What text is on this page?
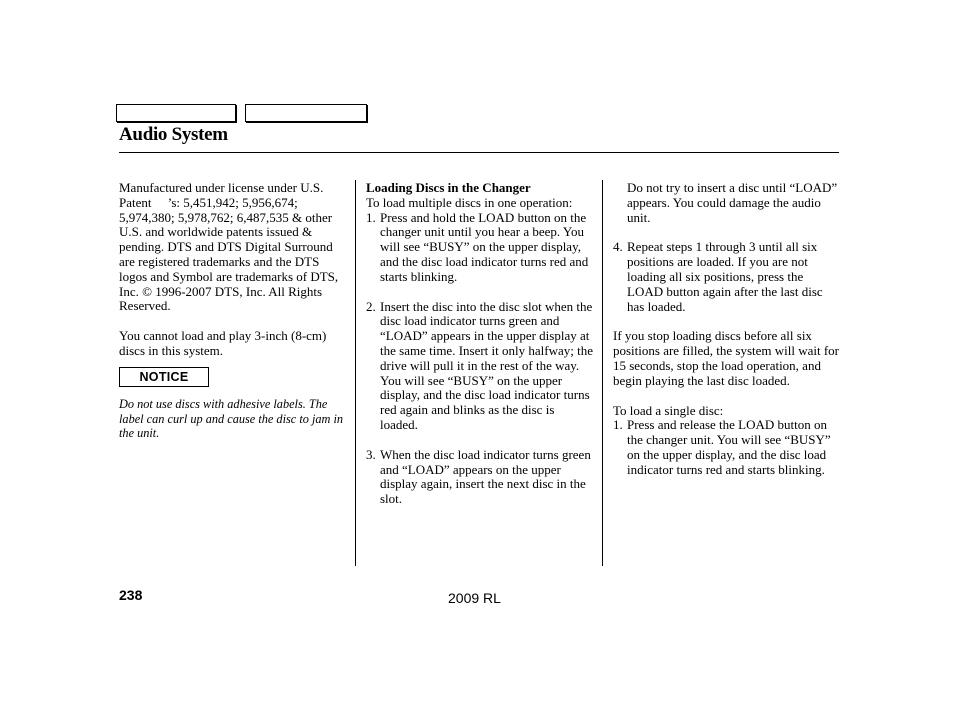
Audio System

Manufactured under license under U.S. Patent     ’s: 5,451,942; 5,956,674; 5,974,380; 5,978,762; 6,487,535 & other U.S. and worldwide patents issued & pending. DTS and DTS Digital Surround are registered trademarks and the DTS logos and Symbol are trademarks of DTS, Inc. © 1996-2007 DTS, Inc. All Rights Reserved.

You cannot load and play 3-inch (8-cm) discs in this system.

NOTICE

Do not use discs with adhesive labels. The label can curl up and cause the disc to jam in the unit.

Loading Discs in the Changer

To load multiple discs in one operation:

1. Press and hold the LOAD button on the changer unit until you hear a beep. You will see “BUSY” on the upper display, and the disc load indicator turns red and starts blinking.
2. Insert the disc into the disc slot when the disc load indicator turns green and “LOAD” appears in the upper display at the same time. Insert it only halfway; the drive will pull it in the rest of the way. You will see “BUSY” on the upper display, and the disc load indicator turns red again and blinks as the disc is loaded.
3. When the disc load indicator turns green and “LOAD” appears on the upper display again, insert the next disc in the slot.
Do not try to insert a disc until “LOAD” appears. You could damage the audio unit.
4. Repeat steps 1 through 3 until all six positions are loaded. If you are not loading all six positions, press the LOAD button again after the last disc has loaded.

If you stop loading discs before all six positions are filled, the system will wait for 15 seconds, stop the load operation, and begin playing the last disc loaded.

To load a single disc:

1. Press and release the LOAD button on the changer unit. You will see “BUSY” on the upper display, and the disc load indicator turns red and starts blinking.
238	2009 RL
